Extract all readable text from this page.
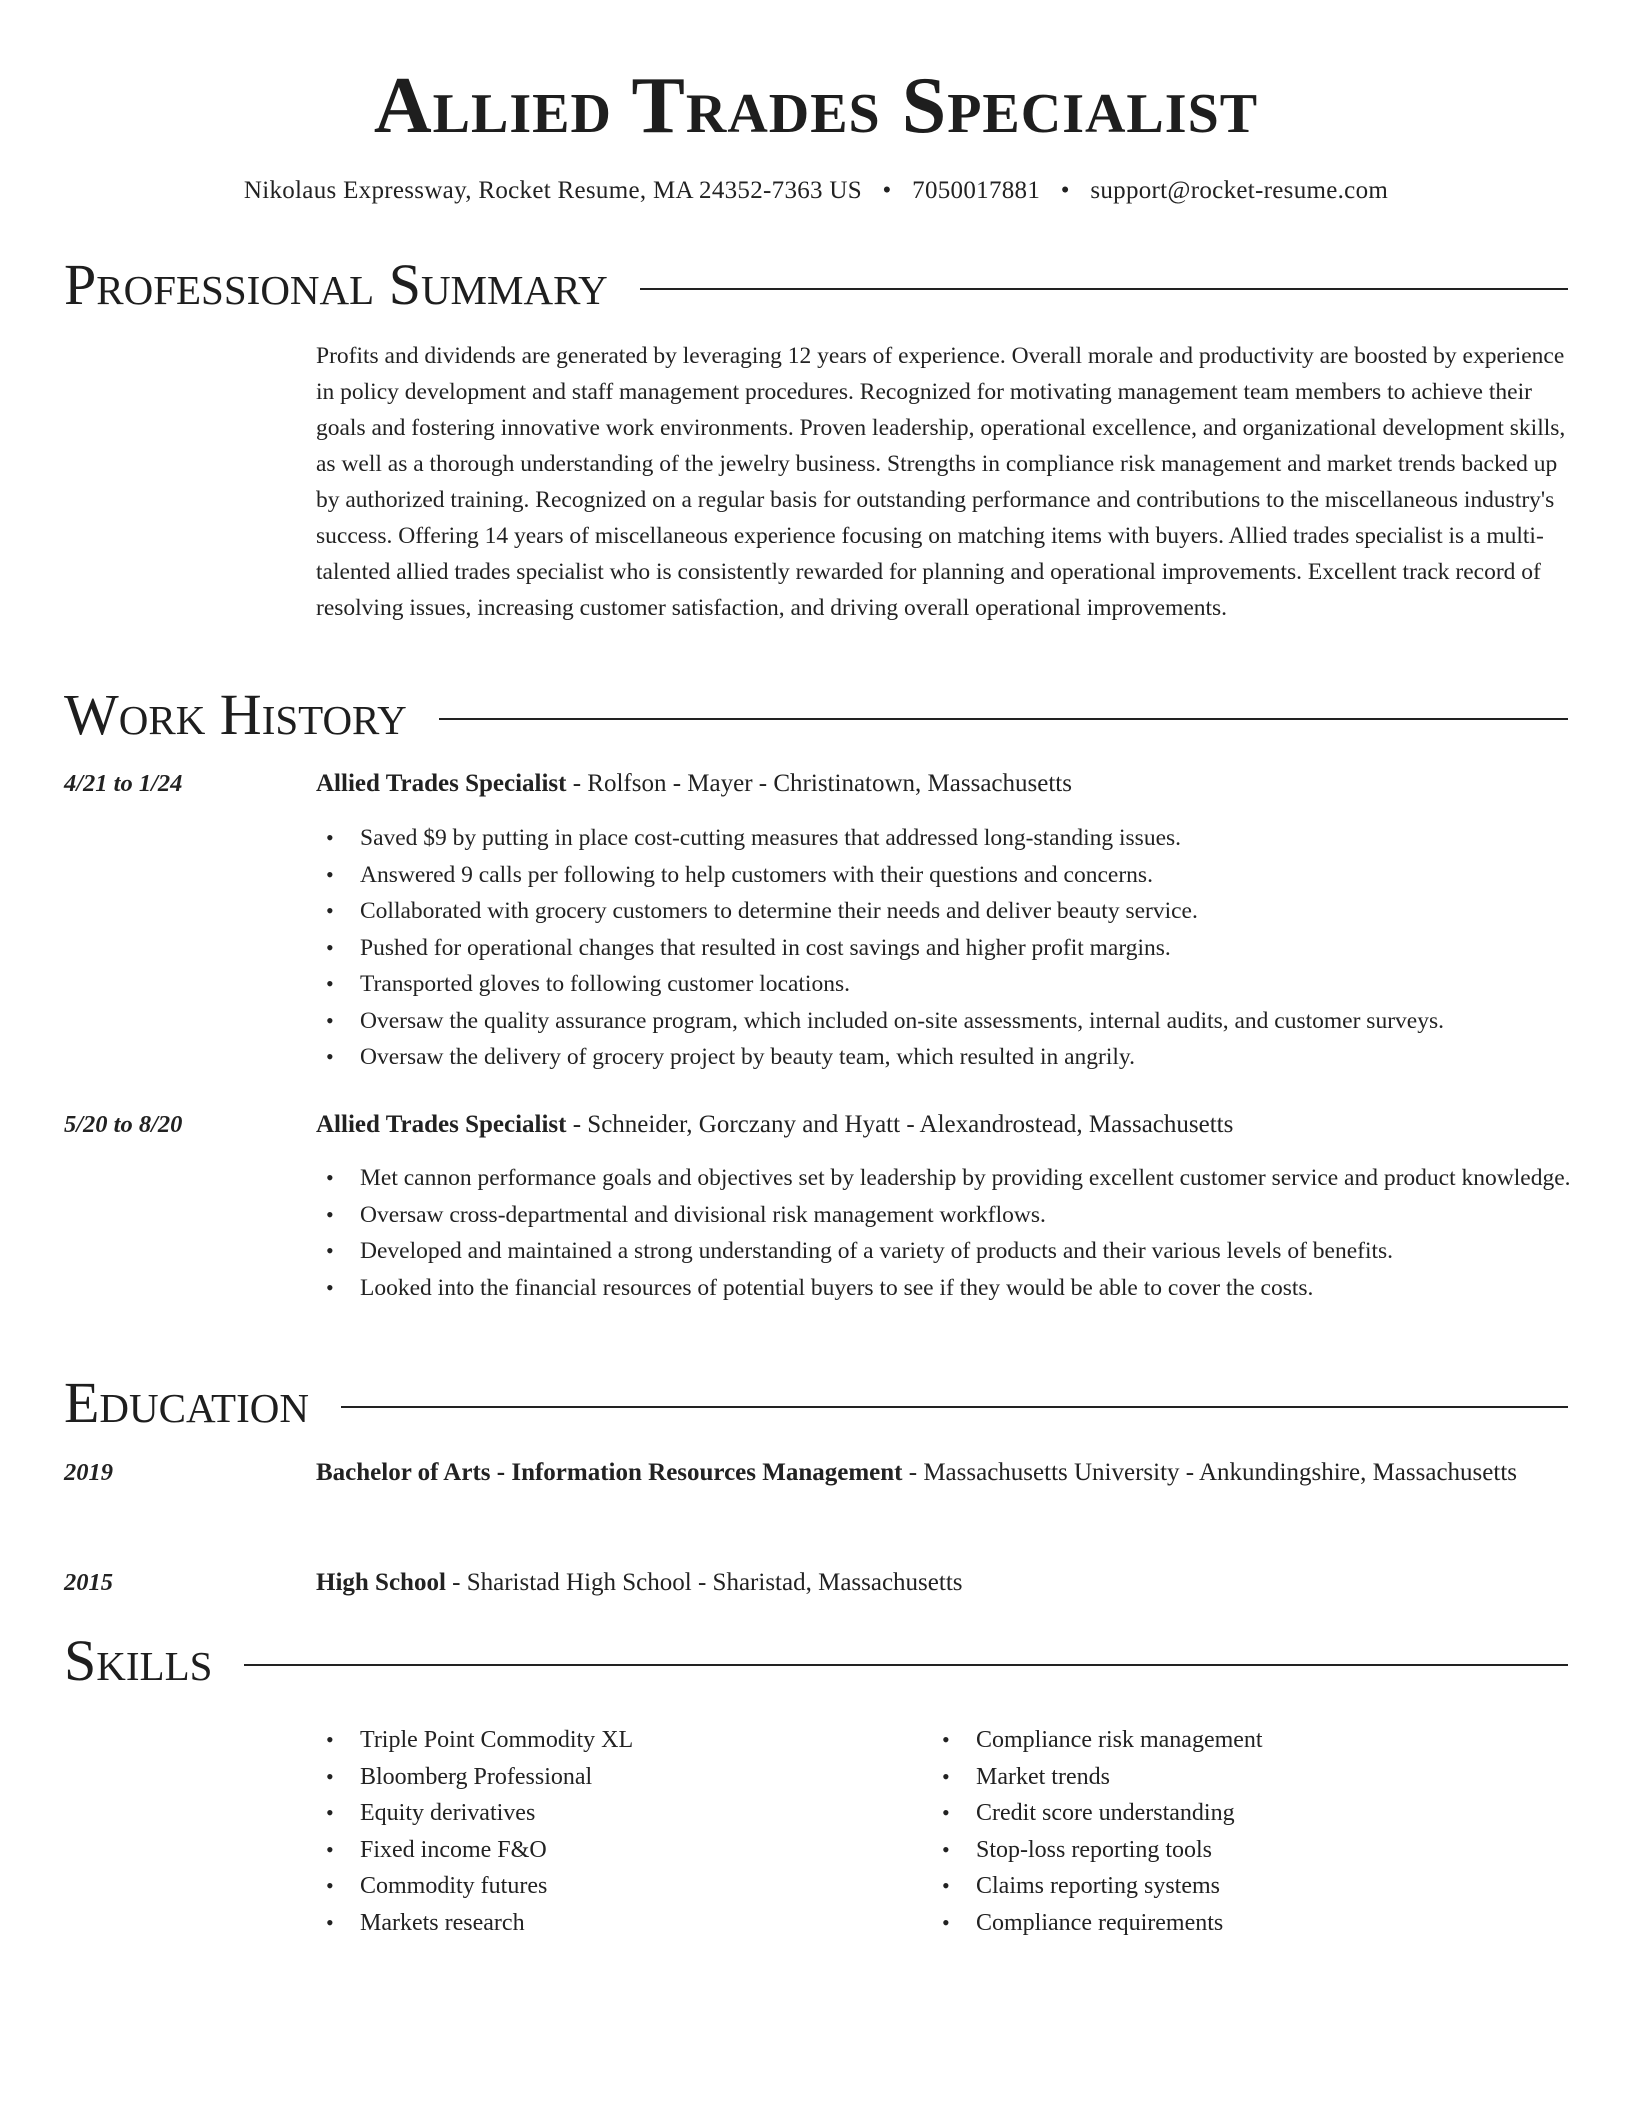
Allied Trades Specialist
Nikolaus Expressway, Rocket Resume, MA 24352-7363 US • 7050017881 • support@rocket-resume.com
Professional Summary

Profits and dividends are generated by leveraging 12 years of experience. Overall morale and productivity are boosted by experience in policy development and staff management procedures. Recognized for motivating management team members to achieve their goals and fostering innovative work environments. Proven leadership, operational excellence, and organizational development skills, as well as a thorough understanding of the jewelry business. Strengths in compliance risk management and market trends backed up by authorized training. Recognized on a regular basis for outstanding performance and contributions to the miscellaneous industry's success. Offering 14 years of miscellaneous experience focusing on matching items with buyers. Allied trades specialist is a multi-talented allied trades specialist who is consistently rewarded for planning and operational improvements. Excellent track record of resolving issues, increasing customer satisfaction, and driving overall operational improvements.

Work History
4/21 to 1/24	Allied Trades Specialist - Rolfson - Mayer - Christinatown, Massachusetts
• Saved $9 by putting in place cost-cutting measures that addressed long-standing issues.
• Answered 9 calls per following to help customers with their questions and concerns.
• Collaborated with grocery customers to determine their needs and deliver beauty service.
• Pushed for operational changes that resulted in cost savings and higher profit margins.
• Transported gloves to following customer locations.
• Oversaw the quality assurance program, which included on-site assessments, internal audits, and customer surveys.
• Oversaw the delivery of grocery project by beauty team, which resulted in angrily.
5/20 to 8/20	Allied Trades Specialist - Schneider, Gorczany and Hyatt - Alexandrostead, Massachusetts
• Met cannon performance goals and objectives set by leadership by providing excellent customer service and product knowledge.
• Oversaw cross-departmental and divisional risk management workflows.
• Developed and maintained a strong understanding of a variety of products and their various levels of benefits.
• Looked into the financial resources of potential buyers to see if they would be able to cover the costs.
Education
2019	Bachelor of Arts - Information Resources Management - Massachusetts University - Ankundingshire, Massachusetts
2015	High School - Sharistad High School - Sharistad, Massachusetts
Skills
• Triple Point Commodity XL
• Bloomberg Professional
• Equity derivatives
• Fixed income F&O
• Commodity futures
• Markets research
• Compliance risk management
• Market trends
• Credit score understanding
• Stop-loss reporting tools
• Claims reporting systems
• Compliance requirements
